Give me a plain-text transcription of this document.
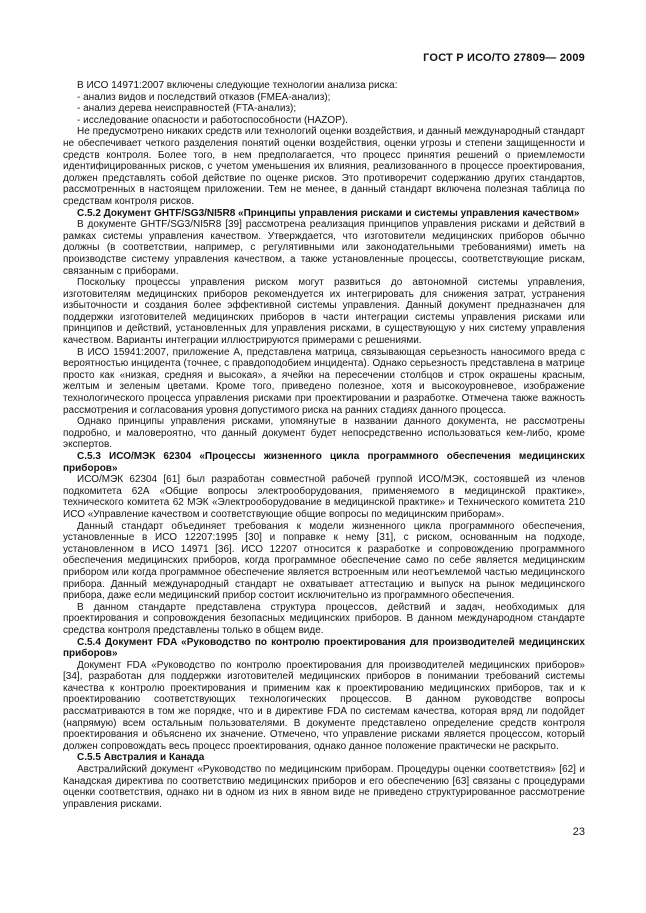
ГОСТ Р ИСО/ТО 27809— 2009

В ИСО 14971:2007 включены следующие технологии анализа риска:

- анализ видов и последствий отказов (FMEA-анализ);

- анализ дерева неисправностей (FTA-анализ);

- исследование опасности и работоспособности (HAZOP).

Не предусмотрено никаких средств или технологий оценки воздействия, и данный международный стандарт не обеспечивает четкого разделения понятий оценки воздействия, оценки угрозы и степени защищенности и средств контроля. Более того, в нем предполагается, что процесс принятия решений о приемлемости идентифицированных рисков, с учетом уменьшения их влияния, реализованного в процессе проектирования, должен представлять собой действие по оценке рисков. Это противоречит содержанию других стандартов, рассмотренных в настоящем приложении. Тем не менее, в данный стандарт включена полезная таблица по средствам контроля рисков.

С.5.2 Документ GHTF/SG3/NI5R8 «Принципы управления рисками и системы управления качеством»

В документе GHTF/SG3/NI5R8 [39] рассмотрена реализация принципов управления рисками и действий в рамках системы управления качеством. Утверждается, что изготовители медицинских приборов обычно должны (в соответствии, например, с регулятивными или законодательными требованиями) иметь на производстве систему управления качеством, а также установленные процессы, соответствующие рискам, связанным с приборами.

Поскольку процессы управления риском могут развиться до автономной системы управления, изготовителям медицинских приборов рекомендуется их интегрировать для снижения затрат, устранения избыточности и создания более эффективной системы управления. Данный документ предназначен для поддержки изготовителей медицинских приборов в части интеграции системы управления рисками или принципов и действий, установленных для управления рисками, в существующую у них систему управления качеством. Варианты интеграции иллюстрируются примерами с решениями.

В ИСО 15941:2007, приложение А, представлена матрица, связывающая серьезность наносимого вреда с вероятностью инцидента (точнее, с правдоподобием инцидента). Однако серьезность представлена в матрице просто как «низкая, средняя и высокая», а ячейки на пересечении столбцов и строк окрашены красным, желтым и зеленым цветами. Кроме того, приведено полезное, хотя и высокоуровневое, изображение технологического процесса управления рисками при проектировании и разработке. Отмечена также важность рассмотрения и согласования уровня допустимого риска на ранних стадиях данного процесса.

Однако принципы управления рисками, упомянутые в названии данного документа, не рассмотрены подробно, и маловероятно, что данный документ будет непосредственно использоваться кем-либо, кроме экспертов.

С.5.3 ИСО/МЭК 62304 «Процессы жизненного цикла программного обеспечения медицинских приборов»

ИСО/МЭК 62304 [61] был разработан совместной рабочей группой ИСО/МЭК, состоявшей из членов подкомитета 62А «Общие вопросы электрооборудования, применяемого в медицинской практике», технического комитета 62 МЭК «Электрооборудование в медицинской практике» и Технического комитета 210 ИСО «Управление качеством и соответствующие общие вопросы по медицинским приборам».

Данный стандарт объединяет требования к модели жизненного цикла программного обеспечения, установленные в ИСО 12207:1995 [30] и поправке к нему [31], с риском, основанным на подходе, установленном в ИСО 14971 [36]. ИСО 12207 относится к разработке и сопровождению программного обеспечения медицинских приборов, когда программное обеспечение само по себе является медицинским прибором или когда программное обеспечение является встроенным или неотъемлемой частью медицинского прибора. Данный международный стандарт не охватывает аттестацию и выпуск на рынок медицинского прибора, даже если медицинский прибор состоит исключительно из программного обеспечения.

В данном стандарте представлена структура процессов, действий и задач, необходимых для проектирования и сопровождения безопасных медицинских приборов. В данном международном стандарте средства контроля представлены только в общем виде.

С.5.4 Документ FDA «Руководство по контролю проектирования для производителей медицинских приборов»

Документ FDA «Руководство по контролю проектирования для производителей медицинских приборов» [34], разработан для поддержки изготовителей медицинских приборов в понимании требований системы качества к контролю проектирования и применим как к проектированию медицинских приборов, так и к проектированию соответствующих технологических процессов. В данном руководстве вопросы рассматриваются в том же порядке, что и в директиве FDA по системам качества, которая вряд ли подойдет (напрямую) всем остальным пользователями. В документе представлено определение средств контроля проектирования и объяснено их значение. Отмечено, что управление рисками является процессом, который должен сопровождать весь процесс проектирования, однако данное положение практически не раскрыто.

С.5.5 Австралия и Канада

Австралийский документ «Руководство по медицинским приборам. Процедуры оценки соответствия» [62] и Канадская директива по соответствию медицинских приборов и его обеспечению [63] связаны с процедурами оценки соответствия, однако ни в одном из них в явном виде не приведено структурированное рассмотрение управления рисками.

23
